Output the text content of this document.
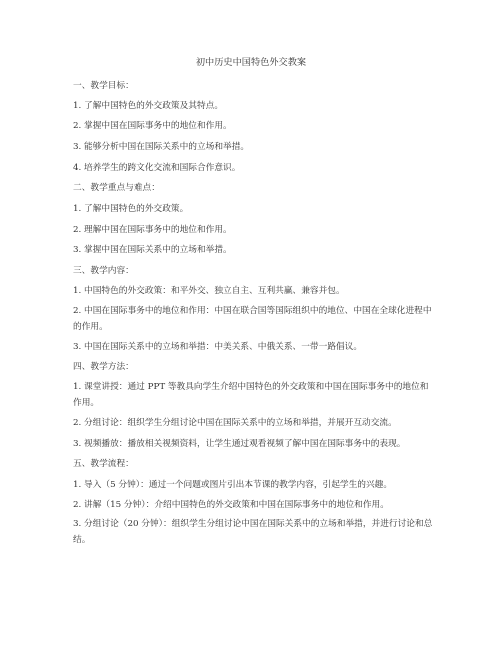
初中历史中国特色外交教案
一、教学目标：
1. 了解中国特色的外交政策及其特点。
2. 掌握中国在国际事务中的地位和作用。
3. 能够分析中国在国际关系中的立场和举措。
4. 培养学生的跨文化交流和国际合作意识。
二、教学重点与难点：
1. 了解中国特色的外交政策。
2. 理解中国在国际事务中的地位和作用。
3. 掌握中国在国际关系中的立场和举措。
三、教学内容：
1. 中国特色的外交政策：和平外交、独立自主、互利共赢、兼容并包。
2. 中国在国际事务中的地位和作用：中国在联合国等国际组织中的地位、中国在全球化进程中的作用。
3. 中国在国际关系中的立场和举措：中美关系、中俄关系、一带一路倡议。
四、教学方法：
1. 课堂讲授：通过 PPT 等教具向学生介绍中国特色的外交政策和中国在国际事务中的地位和作用。
2. 分组讨论：组织学生分组讨论中国在国际关系中的立场和举措，并展开互动交流。
3. 视频播放：播放相关视频资料，让学生通过观看视频了解中国在国际事务中的表现。
五、教学流程：
1. 导入（5 分钟）：通过一个问题或图片引出本节课的教学内容，引起学生的兴趣。
2. 讲解（15 分钟）：介绍中国特色的外交政策和中国在国际事务中的地位和作用。
3. 分组讨论（20 分钟）：组织学生分组讨论中国在国际关系中的立场和举措，并进行讨论和总结。
